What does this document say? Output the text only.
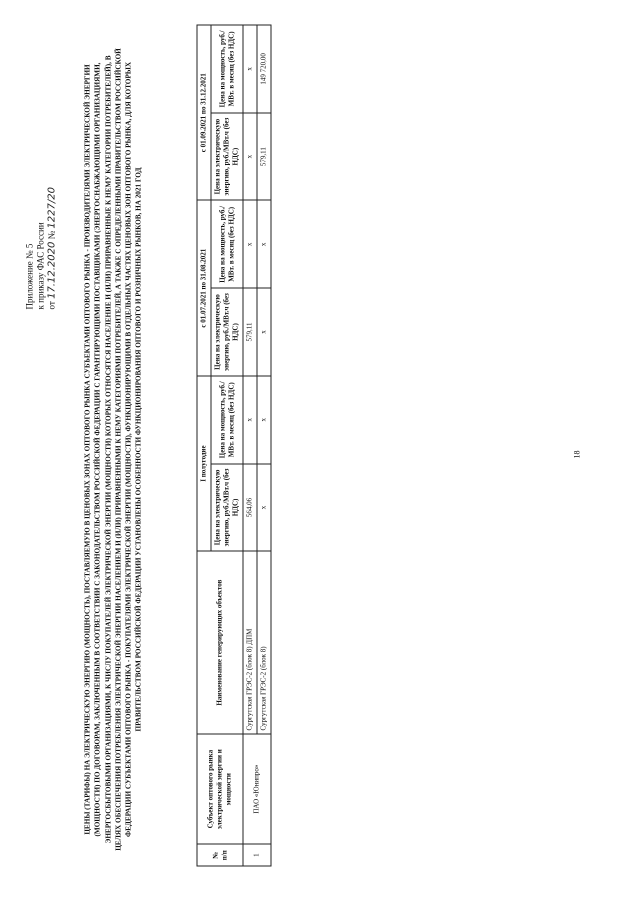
18
Приложение № 5 к приказу ФАС России от 17.12.2020 № 1227/20	ЦЕНЫ (ТАРИФЫ) НА ЭЛЕКТРИЧЕСКУЮ ЭНЕРГИЮ (МОЩНОСТЬ), ПОСТАВЛЯЕМУЮ В ЦЕНОВЫХ ЗОНАХ ОПТОВОГО РЫНКА СУБЪЕКТАМИ ОПТОВОГО РЫНКА - ПРОИЗВОДИТЕЛЯМИ ЭЛЕКТРИЧЕСКОЙ ЭНЕРГИИ (МОЩНОСТИ) ПО ДОГОВОРАМ, ЗАКЛЮЧЕННЫМ В СООТВЕТСТВИИ С ЗАКОНОДАТЕЛЬСТВОМ РОССИЙСКОЙ ФЕДЕРАЦИИ С ГАРАНТИРУЮЩИМИ ПОСТАВЩИКАМИ (ЭНЕРГОСНАБЖАЮЩИМИ ОРГАНИЗАЦИЯМИ, ЭНЕРГОСБЫТОВЫМИ ОРГАНИЗАЦИЯМИ, К ЧИСЛУ ПОКУПАТЕЛЕЙ ЭЛЕКТРИЧЕСКОЙ ЭНЕРГИИ (МОЩНОСТИ) КОТОРЫХ ОТНОСЯТСЯ НАСЕЛЕНИЕ И (ИЛИ) ПРИРАВНЕННЫЕ К НЕМУ КАТЕГОРИИ ПОТРЕБИТЕЛЕЙ), В ЦЕЛЯХ ОБЕСПЕЧЕНИЯ ПОТРЕБЛЕНИЯ ЭЛЕКТРИЧЕСКОЙ ЭНЕРГИИ НАСЕЛЕНИЕМ И (ИЛИ) ПРИРАВНЕННЫМИ К НЕМУ КАТЕГОРИЯМИ ПОТРЕБИТЕЛЕЙ, А ТАКЖЕ С ОПРЕДЕЛЕННЫМИ ПРАВИТЕЛЬСТВОМ РОССИЙСКОЙ ФЕДЕРАЦИИ СУБЪЕКТАМИ ОПТОВОГО РЫНКА - ПОКУПАТЕЛЯМИ ЭЛЕКТРИЧЕСКОЙ ЭНЕРГИИ (МОЩНОСТИ), ФУНКЦИОНИРУЮЩИМИ В ОТДЕЛЬНЫХ ЧАСТЯХ ЦЕНОВЫХ ЗОН ОПТОВОГО РЫНКА, ДЛЯ КОТОРЫХ ПРАВИТЕЛЬСТВОМ РОССИЙСКОЙ ФЕДЕРАЦИИ УСТАНОВЛЕНЫ ОСОБЕННОСТИ ФУНКЦИОНИРОВАНИЯ ОПТОВОГО И РОЗНИЧНЫХ РЫНКОВ, НА 2021 ГОД
№ п/п	Субъект оптового рынка электрической энергии и мощности	Наименование генерирующих объектов	I полугодие		с 01.07.2021 по 31.08.2021		с 01.09.2021 по 31.12.2021	
			Цена на электрическую энергию, руб./МВт.ч (без НДС)	Цена на мощность, руб./МВт. в месяц (без НДС)	Цена на электрическую энергию, руб./МВт.ч (без НДС)	Цена на мощность, руб./МВт. в месяц (без НДС)	Цена на электрическую энергию, руб./МВт.ч (без НДС)	Цена на мощность, руб./МВт. в месяц (без НДС)
1	ПАО «Юнипро»	Сургутская ГРЭС-2 (блок 8) ДПМ	564,06	х	579,11	х	х	х
		Сургутская ГРЭС-2 (блок 8)	х	х	х	х	579,11	149 720,00
